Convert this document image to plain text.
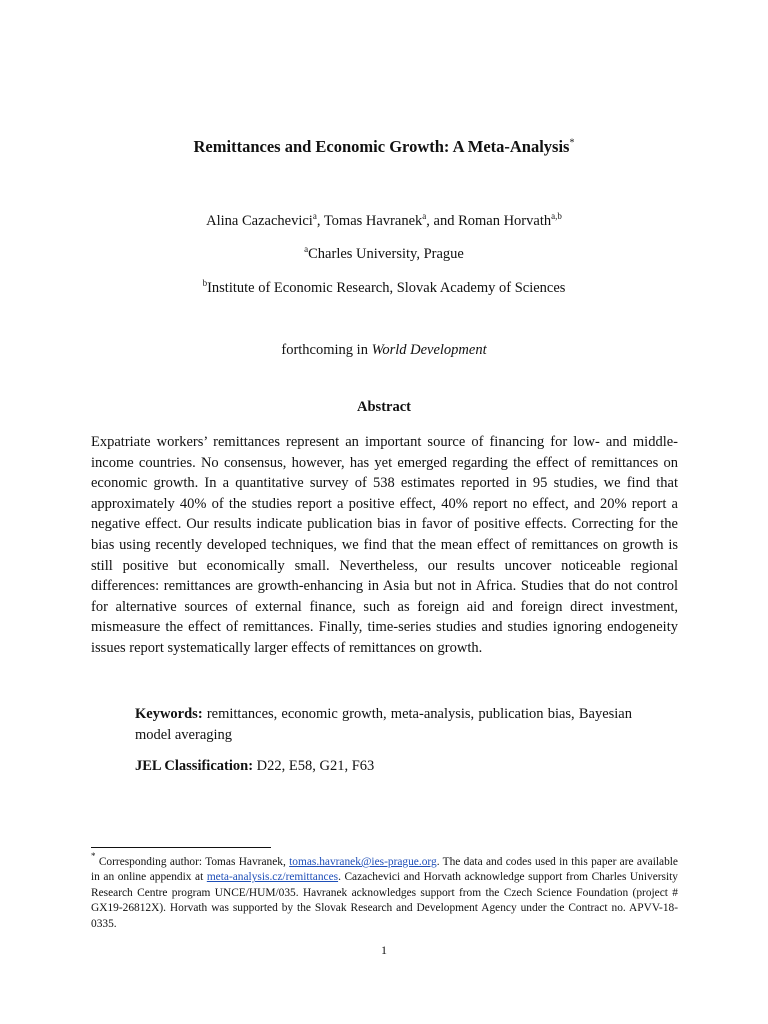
Remittances and Economic Growth: A Meta-Analysis*
Alina Cazachevici$^a$, Tomas Havranek$^a$, and Roman Horvath$^{a,b}$
$^a$Charles University, Prague
$^b$Institute of Economic Research, Slovak Academy of Sciences
forthcoming in World Development
Abstract

Expatriate workers’ remittances represent an important source of financing for low- and middle-income countries. No consensus, however, has yet emerged regarding the effect of remittances on economic growth. In a quantitative survey of 538 estimates reported in 95 studies, we find that approximately 40% of the studies report a positive effect, 40% report no effect, and 20% report a negative effect. Our results indicate publication bias in favor of positive effects. Correcting for the bias using recently developed techniques, we find that the mean effect of remittances on growth is still positive but economically small. Nevertheless, our results uncover noticeable regional differences: remittances are growth-enhancing in Asia but not in Africa. Studies that do not control for alternative sources of external finance, such as foreign aid and foreign direct investment, mismeasure the effect of remittances. Finally, time-series studies and studies ignoring endogeneity issues report systematically larger effects of remittances on growth.

Keywords: remittances, economic growth, meta-analysis, publication bias, Bayesian model averaging

JEL Classification: D22, E58, G21, F63

* Corresponding author: Tomas Havranek, tomas.havranek@ies-prague.org. The data and codes used in this paper are available in an online appendix at meta-analysis.cz/remittances. Cazachevici and Horvath acknowledge support from Charles University Research Centre program UNCE/HUM/035. Havranek acknowledges support from the Czech Science Foundation (project # GX19-26812X). Horvath was supported by the Slovak Research and Development Agency under the Contract no. APVV-18-0335.

1
